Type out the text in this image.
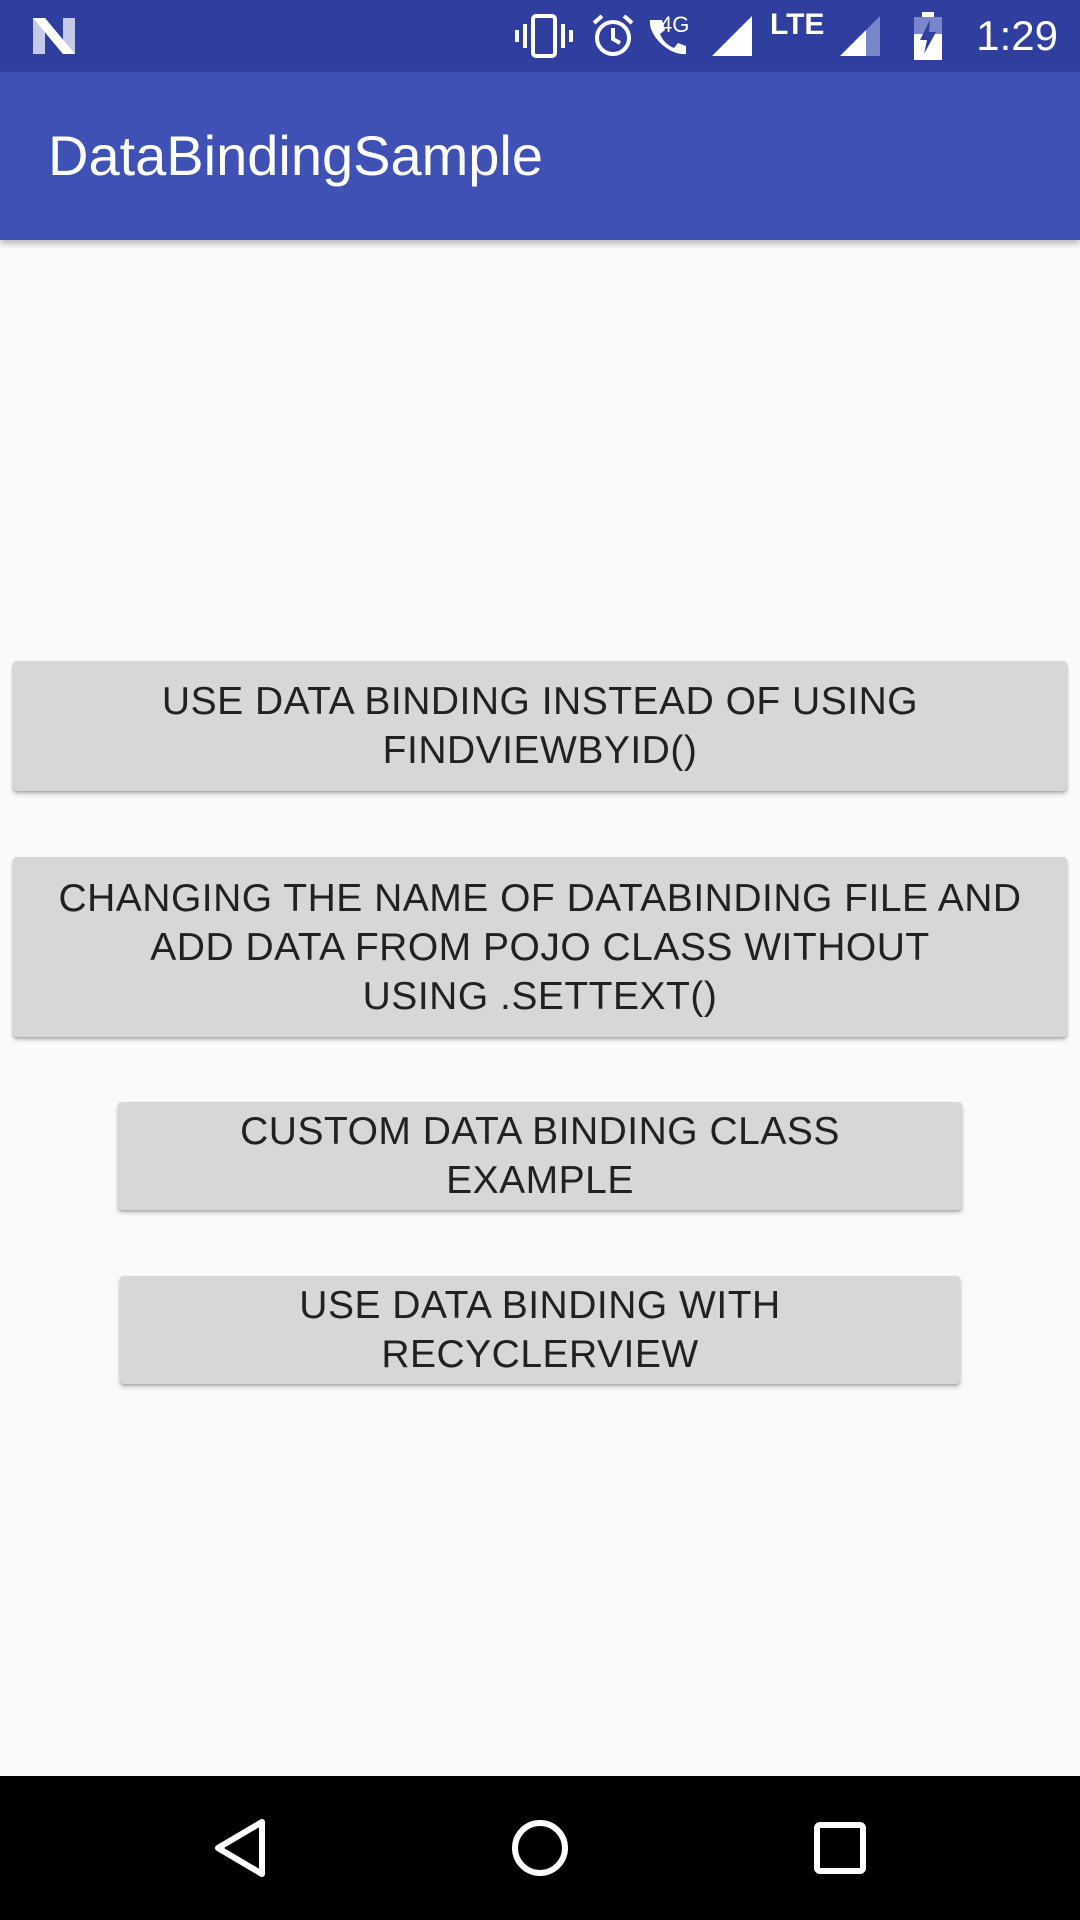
4G	LTE	1:29
DataBindingSample
USE DATA BINDING INSTEAD OF USING
FINDVIEWBYID()
CHANGING THE NAME OF DATABINDING FILE AND
ADD DATA FROM POJO CLASS WITHOUT
USING .SETTEXT()
CUSTOM DATA BINDING CLASS EXAMPLE
USE DATA BINDING WITH RECYCLERVIEW
